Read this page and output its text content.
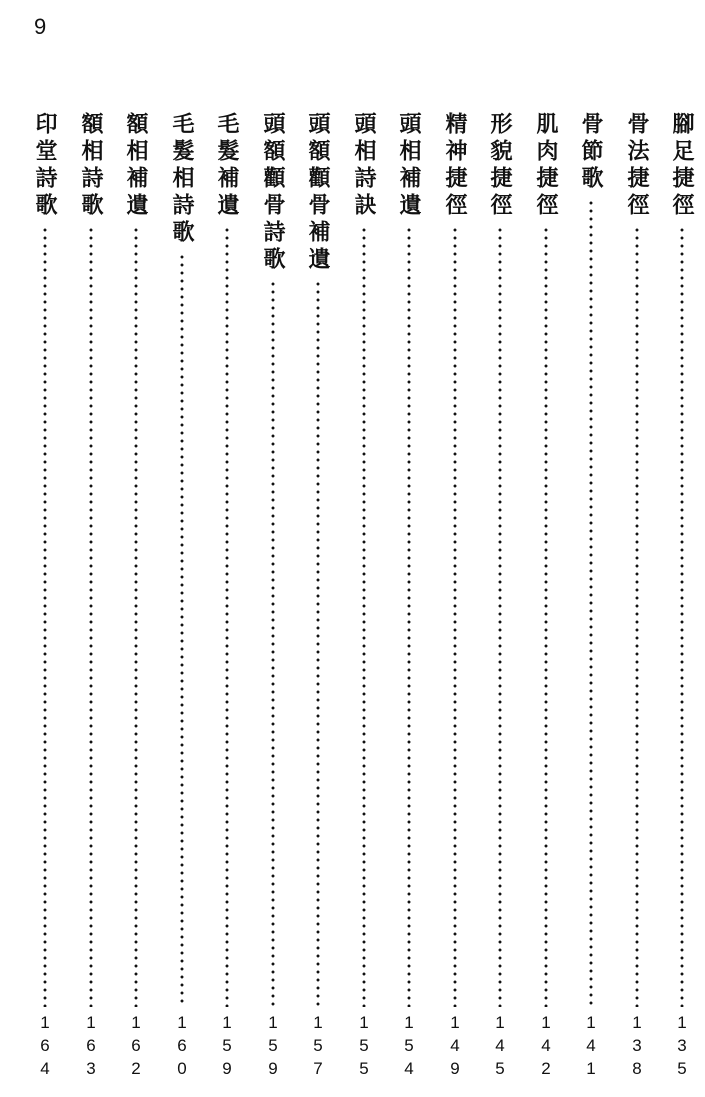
9
腳足捷徑
135
骨法捷徑
138
骨節歌
141
肌肉捷徑
142
形貌捷徑
145
精神捷徑
149
頭相補遺
154
頭相詩訣
155
頭額顴骨補遺
157
頭額顴骨詩歌
159
毛髮補遺
159
毛髮相詩歌
160
額相補遺
162
額相詩歌
163
印堂詩歌
164
